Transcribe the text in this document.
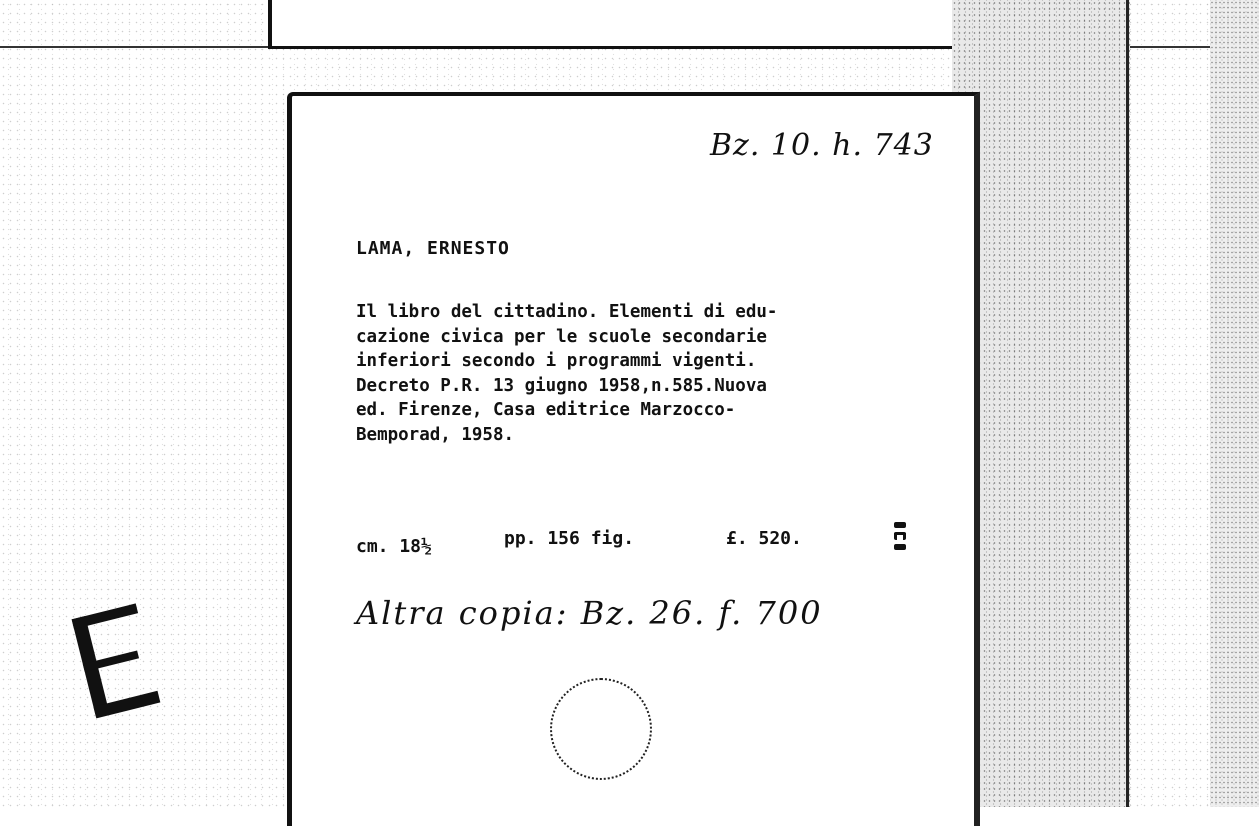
Bz. 10. h. 743
LAMA, ERNESTO
Il libro del cittadino. Elementi di edu-
cazione civica per le scuole secondarie
inferiori secondo i programmi vigenti.
Decreto P.R. 13 giugno 1958,n.585.Nuova
ed. Firenze, Casa editrice Marzocco-
Bemporad, 1958.
cm. 18½	pp. 156 fig.	£. 520.
Altra copia: Bz. 26. f. 700
